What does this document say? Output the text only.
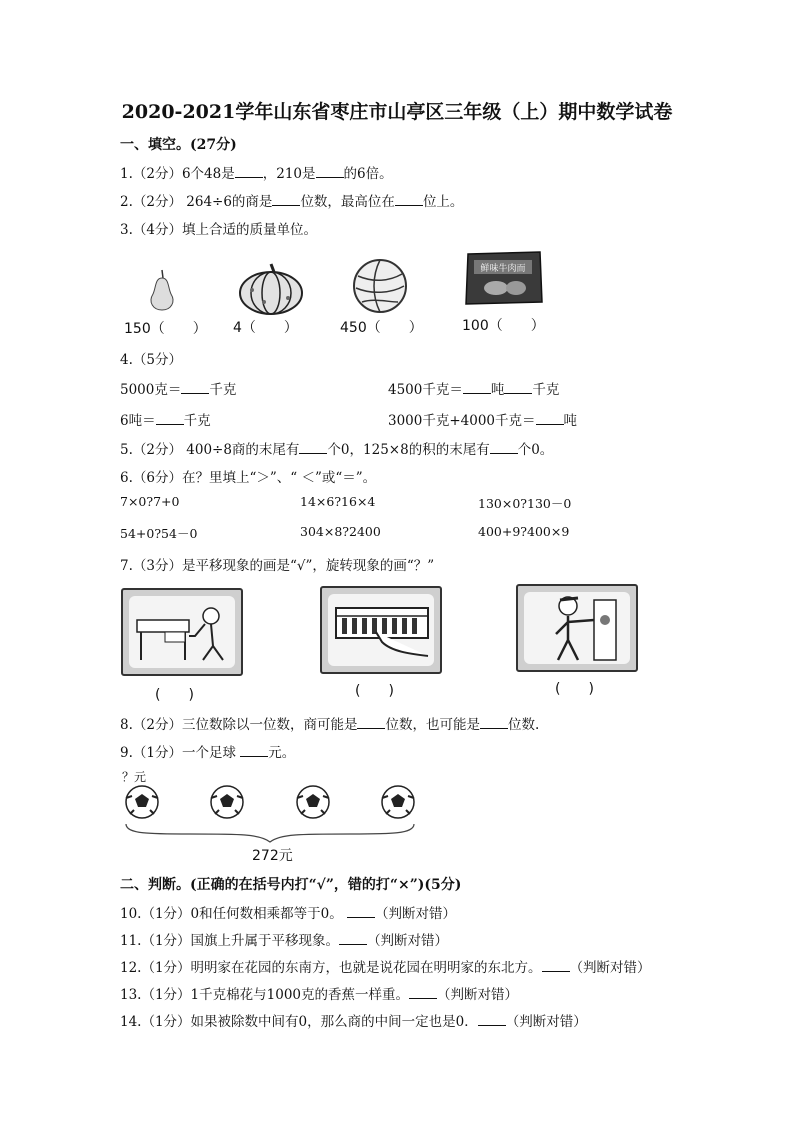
2020-2021学年山东省枣庄市山亭区三年级（上）期中数学试卷
一、填空。(27分)
1.（2分）6个48是 ，210是 的6倍。
2.（2分） 264÷6的商是 位数，最高位在 位上。
3.（4分）填上合适的质量单位。
鲜味牛肉而
150（　　） 4（　　）	450（　　）	100（　　）
4.（5分）
5000克＝ 千克	4500千克＝ 吨 千克
6吨＝ 千克	3000千克+4000千克＝ 吨
5.（2分） 400÷8商的末尾有 个0，125×8的积的末尾有 个0。
6.（6分）在？里填上“＞”、“ ＜”或“＝”。
7×0?7+0	14×6?16×4	130×0?130－0
54+0?54－0	304×8?2400	400+9?400×9
7.（3分）是平移现象的画是“√”，旋转现象的画“？”
(　　)	(　　)	(　　)
8.（2分）三位数除以一位数，商可能是 位数，也可能是 位数.
9.（1分）一个足球 元。
？元
272元
二、判断。(正确的在括号内打“√”，错的打“×”)(5分)
10.（1分）0和任何数相乘都等于0。 （判断对错）
11.（1分）国旗上升属于平移现象。 （判断对错）
12.（1分）明明家在花园的东南方，也就是说花园在明明家的东北方。 （判断对错）
13.（1分）1千克棉花与1000克的香蕉一样重。 （判断对错）
14.（1分）如果被除数中间有0，那么商的中间一定也是0． （判断对错）
